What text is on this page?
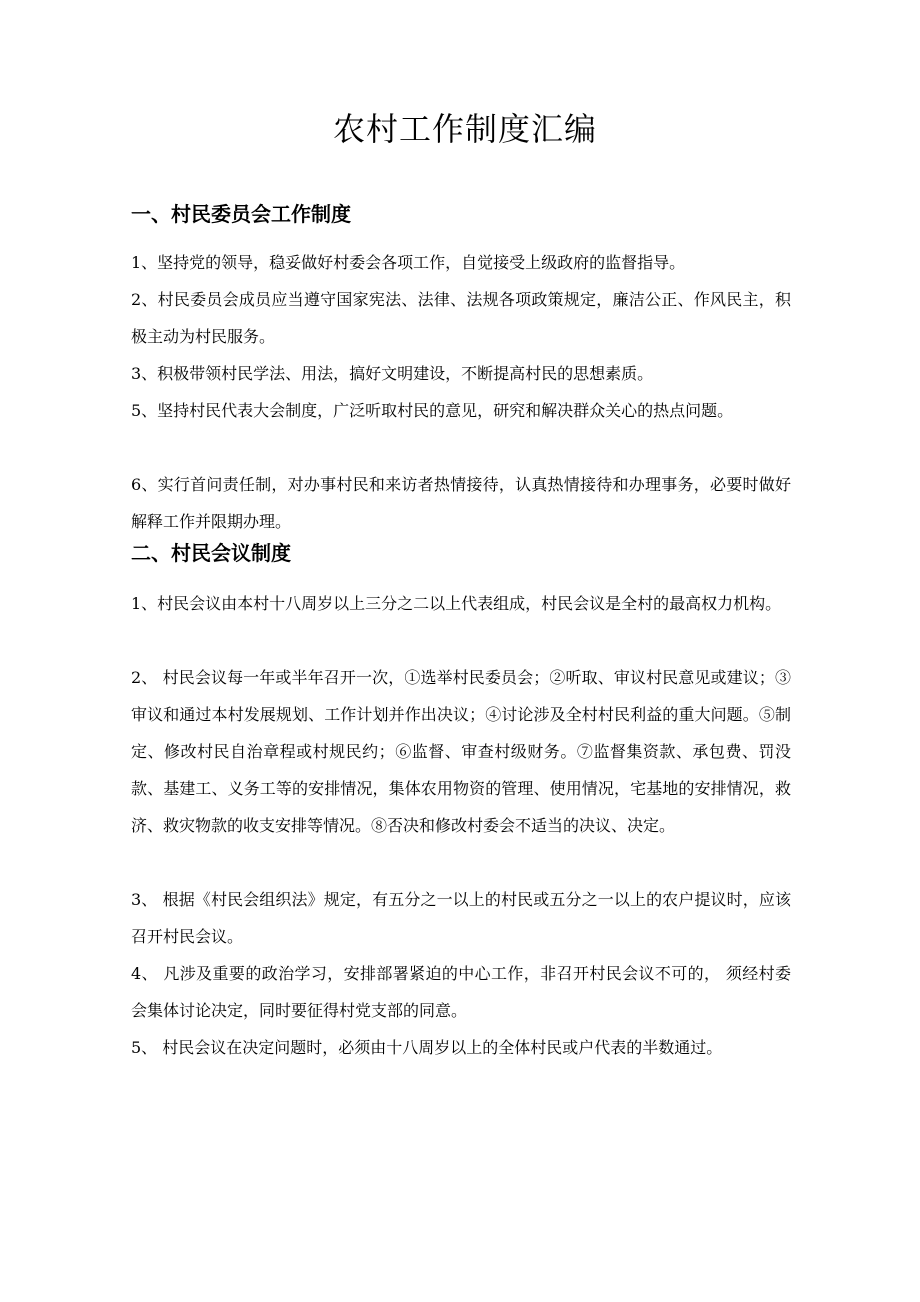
农村工作制度汇编
一、村民委员会工作制度

1、坚持党的领导，稳妥做好村委会各项工作，自觉接受上级政府的监督指导。

2、村民委员会成员应当遵守国家宪法、法律、法规各项政策规定，廉洁公正、作风民主，积极主动为村民服务。

3、积极带领村民学法、用法，搞好文明建设，不断提高村民的思想素质。

5、坚持村民代表大会制度，广泛听取村民的意见，研究和解决群众关心的热点问题。

6、实行首问责任制，对办事村民和来访者热情接待，认真热情接待和办理事务，必要时做好解释工作并限期办理。

二、村民会议制度

1、村民会议由本村十八周岁以上三分之二以上代表组成，村民会议是全村的最高权力机构。

2、 村民会议每一年或半年召开一次，①选举村民委员会；②听取、审议村民意见或建议；③审议和通过本村发展规划、工作计划并作出决议；④讨论涉及全村村民利益的重大问题。⑤制定、修改村民自治章程或村规民约；⑥监督、审查村级财务。⑦监督集资款、承包费、罚没款、基建工、义务工等的安排情况，集体农用物资的管理、使用情况，宅基地的安排情况，救济、救灾物款的收支安排等情况。⑧否决和修改村委会不适当的决议、决定。

3、 根据《村民会组织法》规定，有五分之一以上的村民或五分之一以上的农户提议时，应该召开村民会议。

4、 凡涉及重要的政治学习，安排部署紧迫的中心工作，非召开村民会议不可的， 须经村委会集体讨论决定，同时要征得村党支部的同意。

5、 村民会议在决定问题时，必须由十八周岁以上的全体村民或户代表的半数通过。
